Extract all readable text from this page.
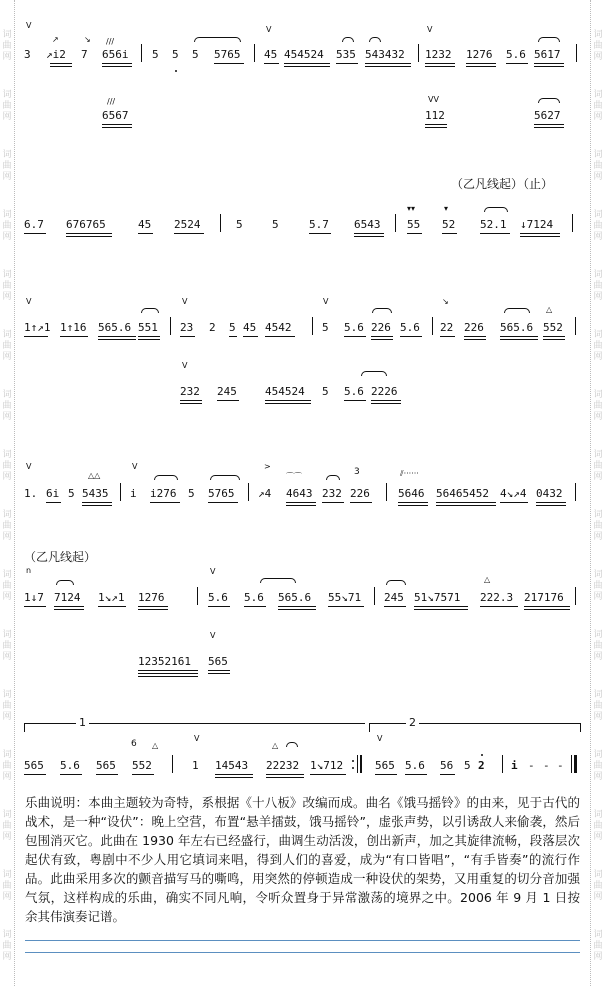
词
曲
网
词
曲
网
词
曲
网
词
曲
网
词
曲
网
词
曲
网
词
曲
网
词
曲
网
词
曲
网
词
曲
网
词
曲
网
词
曲
网
词
曲
网
词
曲
网
词
曲
网
词
曲
网
词
曲
网
词
曲
网
词
曲
网
词
曲
网
词
曲
网
词
曲
网
词
曲
网
词
曲
网
词
曲
网
词
曲
网
词
曲
网
词
曲
网
词
曲
网
词
曲
网
词
曲
网
词
曲
网
V
3
↗
↗i2
↘
7
///
656i 5 5 5 5765
V
45 454524 535 543432
V
1232 1276 5.6 5617
///
6567
VV
112	5627
（乙凡线起）（止）
6.7 676765	45 2524	5	5	5.7 6543
▾▾
55
▾
52 52.1 ↓7124
V
1↑↗1 1↑16 565.6 551
V
23 2 5 45 4542
V
5 5.6 226 5.6
↘
22 226 565.6
△
552
V
232 245	454524 5 5.6 2226
V
1. 6i 5
△△
5435
V
i i276 5 5765
>
↗4
⌒⌒
4643 232
3
226
⫽······
5646 56465452 4↘↗4 0432
（乙凡线起）
n
1↓7 7124 1↘↗1 1276
V
5.6 5.6 565.6 55↘71 245 51↘7571
△
222.3 217176
12352161
V
565
1	2
565 5.6 565
6 △
552
V
1 14543
△
22232 1↘712
V
565 5.6 56 5 2 i - - -
乐曲说明：本曲主题较为奇特，系根据《十八板》改编而成。曲名《饿马摇铃》的由来，见于古代的战术，是一种“设伏”：晚上空营，布置“悬羊擂鼓，饿马摇铃”，虚张声势，以引诱敌人来偷袭，然后包围消灭它。此曲在 1930 年左右已经盛行，曲调生动活泼，创出新声，加之其旋律流畅，段落层次起伏有致，粤剧中不少人用它填词来唱，得到人们的喜爱，成为“有口皆唱”，“有手皆奏”的流行作品。此曲采用多次的颤音描写马的嘶鸣，用突然的停顿造成一种设伏的架势，又用重复的切分音加强气氛，这样构成的乐曲，确实不同凡响，令听众置身于异常激荡的境界之中。2006 年 9 月 1 日按余其伟演奏记谱。
